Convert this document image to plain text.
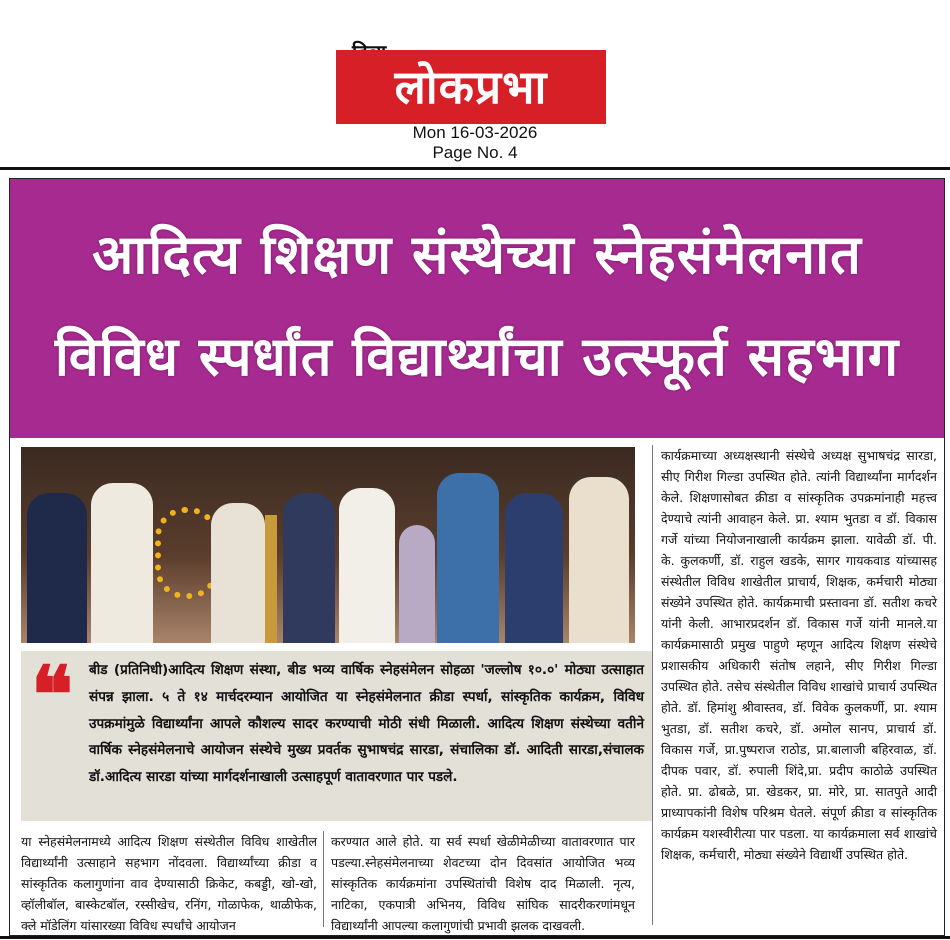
लोकप्रभा
Mon 16-03-2026
Page No. 4
आदित्य शिक्षण संस्थेच्या स्नेहसंमेलनात
विविध स्पर्धांत विद्यार्थ्यांचा उत्स्फूर्त सहभाग
❝ बीड (प्रतिनिधी)आदित्य शिक्षण संस्था, बीड भव्य वार्षिक स्नेहसंमेलन सोहळा 'जल्लोष १०.०' मोठ्या उत्साहात संपन्न झाला. ५ ते १४ मार्चदरम्यान आयोजित या स्नेहसंमेलनात क्रीडा स्पर्धा, सांस्कृतिक कार्यक्रम, विविध उपक्रमांमुळे विद्यार्थ्यांना आपले कौशल्य सादर करण्याची मोठी संधी मिळाली. आदित्य शिक्षण संस्थेच्या वतीने वार्षिक स्नेहसंमेलनाचे आयोजन संस्थेचे मुख्य प्रवर्तक सुभाषचंद्र सारडा, संचालिका डॉ. आदिती सारडा,संचालक डॉ.आदित्य सारडा यांच्या मार्गदर्शनाखाली उत्साहपूर्ण वातावरणात पार पडले.
कार्यक्रमाच्या अध्यक्षस्थानी संस्थेचे अध्यक्ष सुभाषचंद्र सारडा, सीए गिरीश गिल्डा उपस्थित होते. त्यांनी विद्यार्थ्यांना मार्गदर्शन केले. शिक्षणासोबत क्रीडा व सांस्कृतिक उपक्रमांनाही महत्त्व देण्याचे त्यांनी आवाहन केले. प्रा. श्याम भुतडा व डॉ. विकास गर्जे यांच्या नियोजनाखाली कार्यक्रम झाला. यावेळी डॉ. पी. के. कुलकर्णी, डॉ. राहुल खडके, सागर गायकवाड यांच्यासह संस्थेतील विविध शाखेतील प्राचार्य, शिक्षक, कर्मचारी मोठ्या संख्येने उपस्थित होते. कार्यक्रमाची प्रस्तावना डॉ. सतीश कचरे यांनी केली. आभारप्रदर्शन डॉ. विकास गर्जे यांनी मानले.या कार्यक्रमासाठी प्रमुख पाहुणे म्हणून आदित्य शिक्षण संस्थेचे प्रशासकीय अधिकारी संतोष लहाने, सीए गिरीश गिल्डा उपस्थित होते. तसेच संस्थेतील विविध शाखांचे प्राचार्य उपस्थित होते. डॉ. हिमांशु श्रीवास्तव, डॉ. विवेक कुलकर्णी, प्रा. श्याम भुतडा, डॉ. सतीश कचरे, डॉ. अमोल सानप, प्राचार्य डॉ. विकास गर्जे, प्रा.पुष्पराज राठोड, प्रा.बालाजी बहिरवाळ, डॉ. दीपक पवार, डॉ. रुपाली शिंदे,प्रा. प्रदीप काठोळे उपस्थित होते. प्रा. ढोबळे, प्रा. खेडकर, प्रा. मोरे, प्रा. सातपुते आदी प्राध्यापकांनी विशेष परिश्रम घेतले. संपूर्ण क्रीडा व सांस्कृतिक कार्यक्रम यशस्वीरीत्या पार पडला. या कार्यक्रमाला सर्व शाखांचे शिक्षक, कर्मचारी, मोठ्या संख्येने विद्यार्थी उपस्थित होते.
या स्नेहसंमेलनामध्ये आदित्य शिक्षण संस्थेतील विविध शाखेतील विद्यार्थ्यांनी उत्साहाने सहभाग नोंदवला. विद्यार्थ्यांच्या क्रीडा व सांस्कृतिक कलागुणांना वाव देण्यासाठी क्रिकेट, कबड्डी, खो-खो, व्हॉलीबॉल, बास्केटबॉल, रस्सीखेच, रनिंग, गोळाफेक, थाळीफेक, क्ले मॉडेलिंग यांसारख्या विविध स्पर्धांचे आयोजन
करण्यात आले होते. या सर्व स्पर्धा खेळीमेळीच्या वातावरणात पार पडल्या.स्नेहसंमेलनाच्या शेवटच्या दोन दिवसांत आयोजित भव्य सांस्कृतिक कार्यक्रमांना उपस्थितांची विशेष दाद मिळाली. नृत्य, नाटिका, एकपात्री अभिनय, विविध सांघिक सादरीकरणांमधून विद्यार्थ्यांनी आपल्या कलागुणांची प्रभावी झलक दाखवली.
